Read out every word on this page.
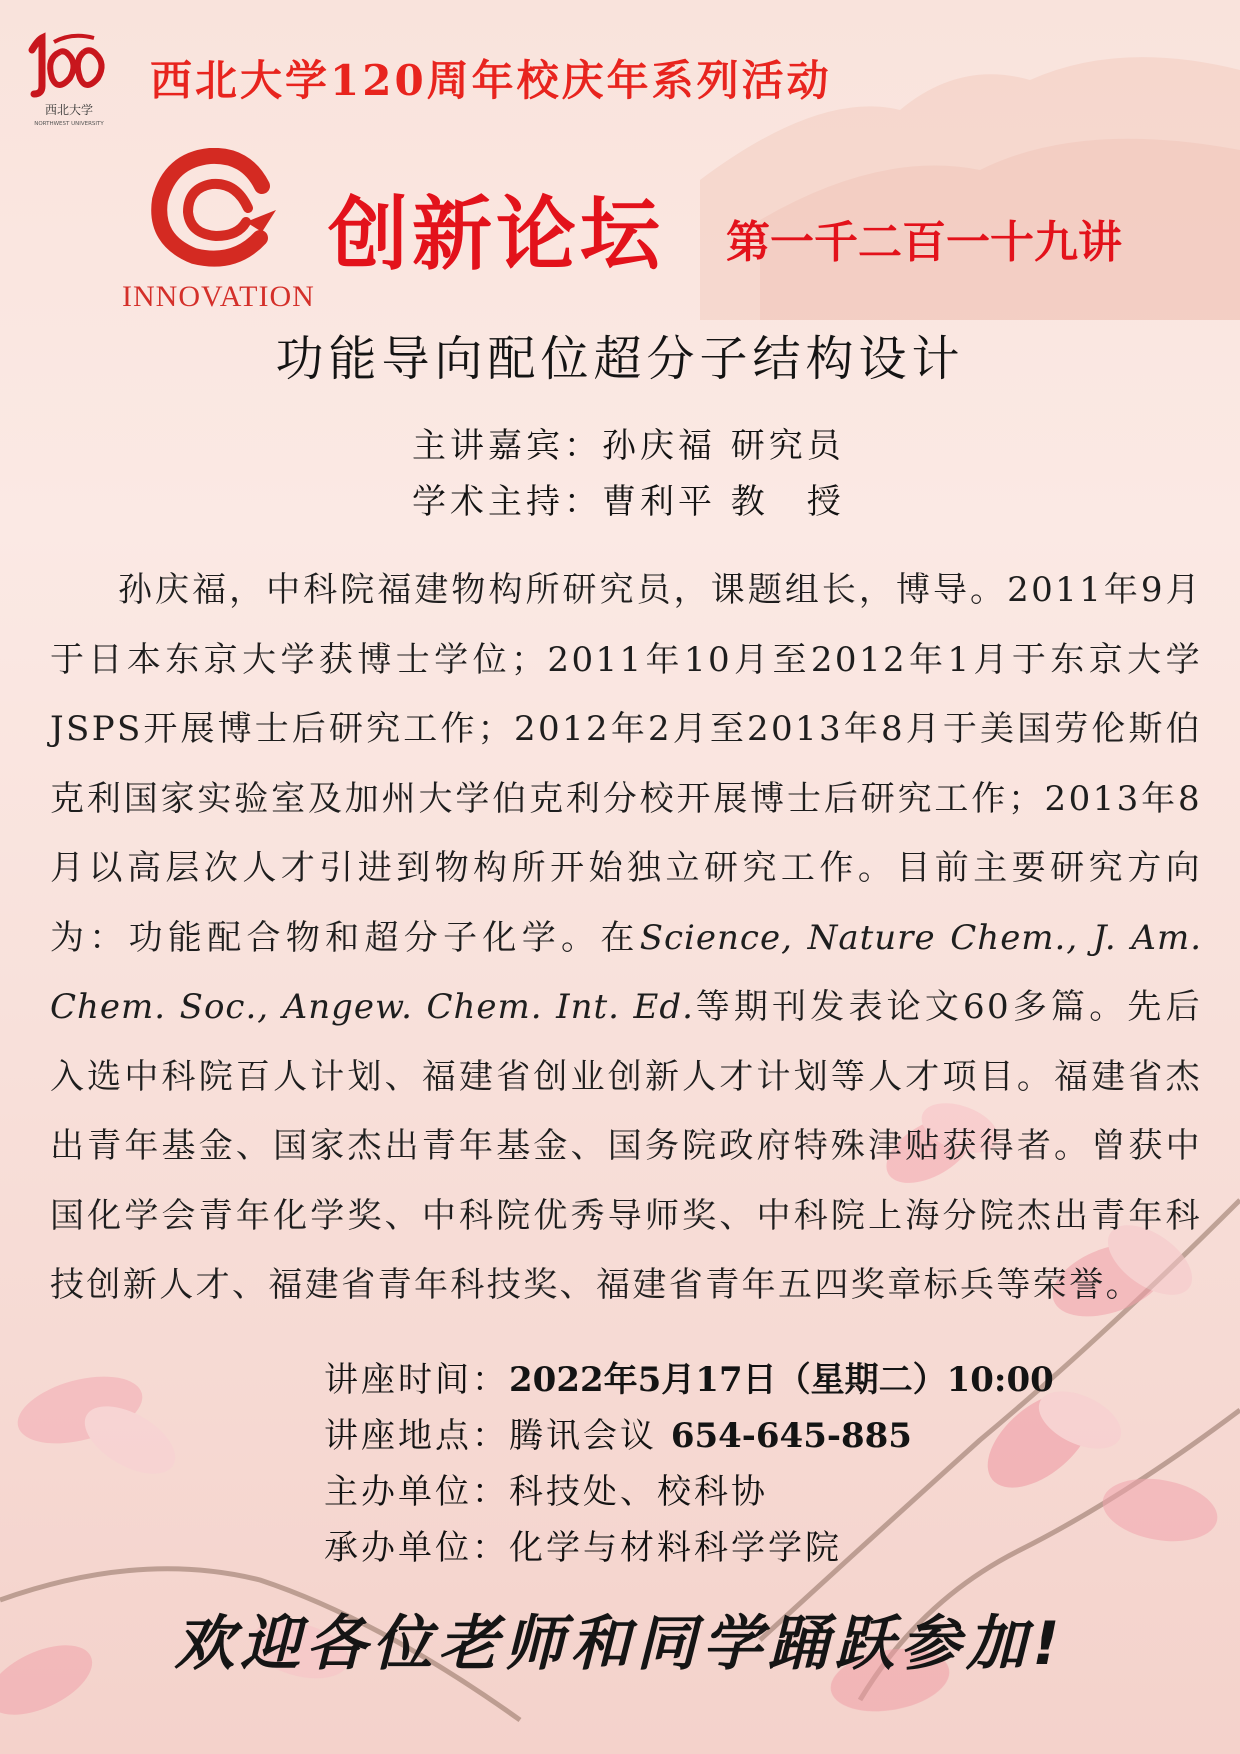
西北大学
NORTHWEST UNIVERSITY
西北大学120周年校庆年系列活动
INNOVATION
创新论坛 第一千二百一十九讲
功能导向配位超分子结构设计
主讲嘉宾：孙庆福 研究员
学术主持：曹利平 教　授
孙庆福，中科院福建物构所研究员，课题组长，博导。2011年9月于日本东京大学获博士学位；2011年10月至2012年1月于东京大学JSPS开展博士后研究工作；2012年2月至2013年8月于美国劳伦斯伯克利国家实验室及加州大学伯克利分校开展博士后研究工作；2013年8月以高层次人才引进到物构所开始独立研究工作。目前主要研究方向为：功能配合物和超分子化学。在Science, Nature Chem., J. Am. Chem. Soc., Angew. Chem. Int. Ed.等期刊发表论文60多篇。先后入选中科院百人计划、福建省创业创新人才计划等人才项目。福建省杰出青年基金、国家杰出青年基金、国务院政府特殊津贴获得者。曾获中国化学会青年化学奖、中科院优秀导师奖、中科院上海分院杰出青年科技创新人才、福建省青年科技奖、福建省青年五四奖章标兵等荣誉。
讲座时间：2022年5月17日（星期二）10:00
讲座地点：腾讯会议 654-645-885
主办单位：科技处、校科协
承办单位：化学与材料科学学院
欢迎各位老师和同学踊跃参加!
